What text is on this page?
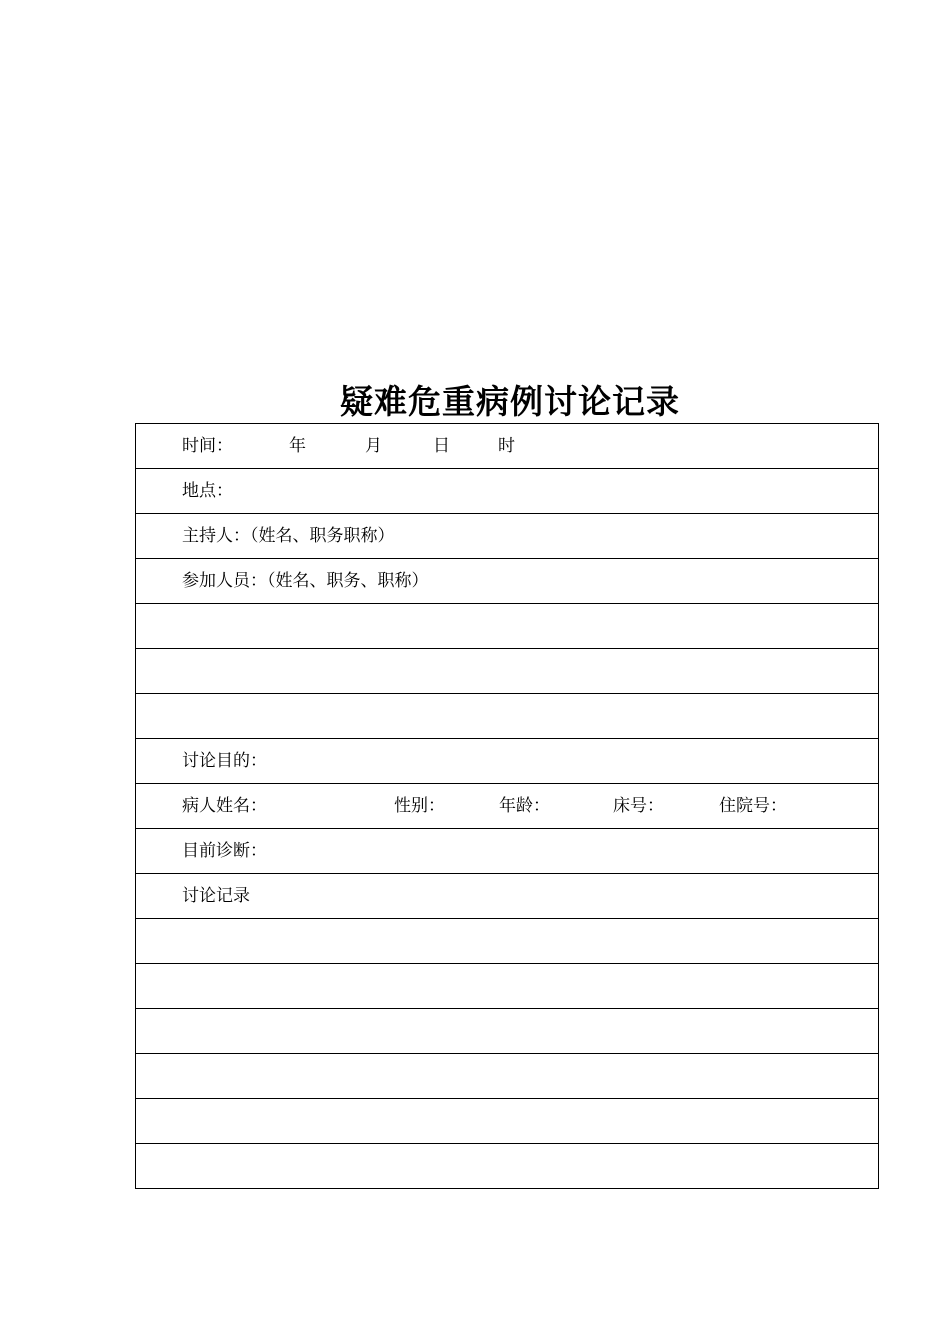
疑难危重病例讨论记录
时间：	年	月	日	时
地点：
主持人：（姓名、职务职称）
参加人员：（姓名、职务、职称）
讨论目的：
病人姓名：	性别：	年龄：	床号：	住院号：
目前诊断：
讨论记录
